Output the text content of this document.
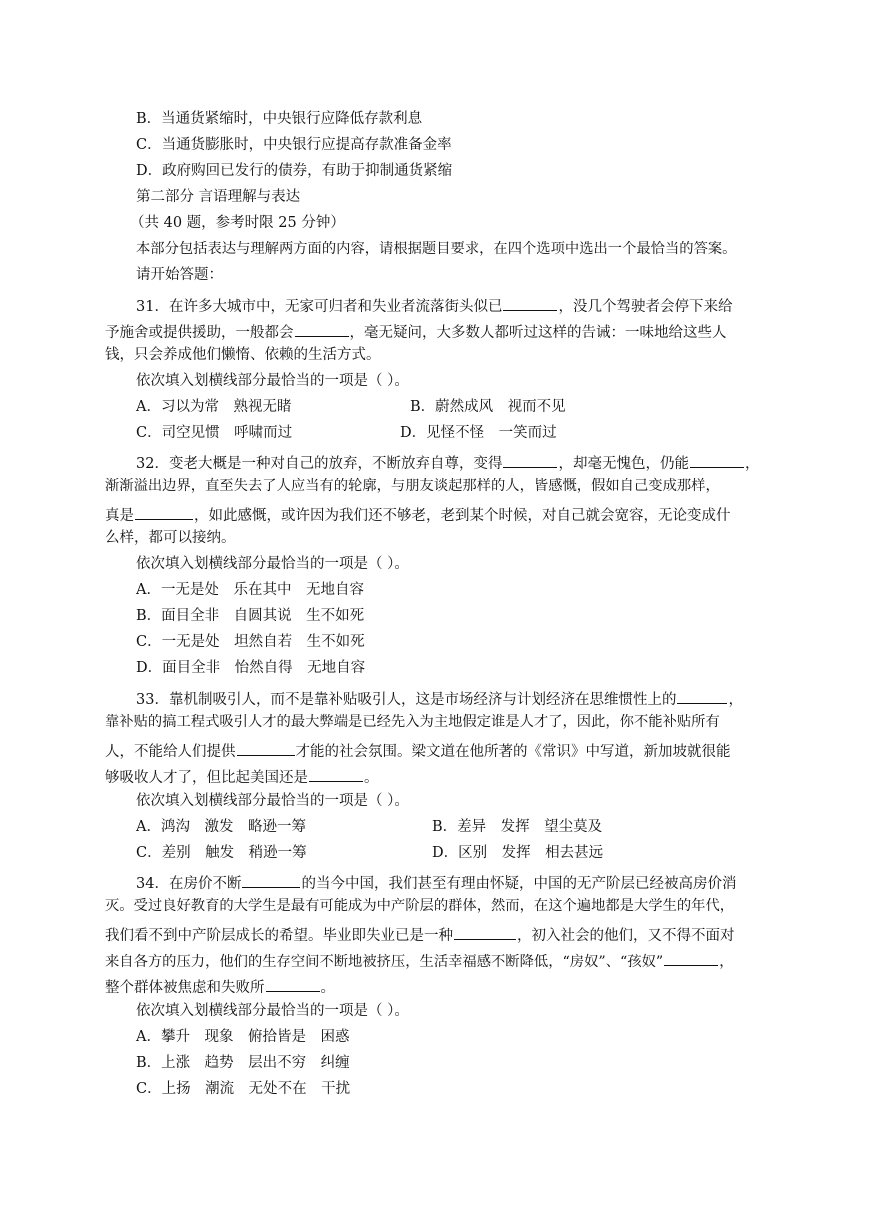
B．当通货紧缩时，中央银行应降低存款利息
C．当通货膨胀时，中央银行应提高存款准备金率
D．政府购回已发行的债券，有助于抑制通货紧缩
第二部分 言语理解与表达
（共 40 题，参考时限 25 分钟）
本部分包括表达与理解两方面的内容，请根据题目要求，在四个选项中选出一个最恰当的答案。
请开始答题：
31．在许多大城市中，无家可归者和失业者流落街头似已	，没几个驾驶者会停下来给
予施舍或提供援助，一般都会	，毫无疑问，大多数人都听过这样的告诫：一味地给这些人
钱，只会养成他们懒惰、依赖的生活方式。
依次填入划横线部分最恰当的一项是（ ）。
A．习以为常　熟视无睹	B．蔚然成风　视而不见
C．司空见惯　呼啸而过	D．见怪不怪　一笑而过
32．变老大概是一种对自己的放弃，不断放弃自尊，变得	，却毫无愧色，仍能	，
渐渐溢出边界，直至失去了人应当有的轮廓，与朋友谈起那样的人，皆感慨，假如自己变成那样，
真是	，如此感慨，或许因为我们还不够老，老到某个时候，对自己就会宽容，无论变成什
么样，都可以接纳。
依次填入划横线部分最恰当的一项是（ ）。
A．一无是处　乐在其中　无地自容
B．面目全非　自圆其说　生不如死
C．一无是处　坦然自若　生不如死
D．面目全非　怡然自得　无地自容
33．靠机制吸引人，而不是靠补贴吸引人，这是市场经济与计划经济在思维惯性上的	，
靠补贴的搞工程式吸引人才的最大弊端是已经先入为主地假定谁是人才了，因此，你不能补贴所有
人，不能给人们提供	才能的社会氛围。梁文道在他所著的《常识》中写道，新加坡就很能
够吸收人才了，但比起美国还是	。
依次填入划横线部分最恰当的一项是（ ）。
A．鸿沟　激发　略逊一筹	B．差异　发挥　望尘莫及
C．差别　触发　稍逊一筹	D．区别　发挥　相去甚远
34．在房价不断	的当今中国，我们甚至有理由怀疑，中国的无产阶层已经被高房价消
灭。受过良好教育的大学生是最有可能成为中产阶层的群体，然而，在这个遍地都是大学生的年代，
我们看不到中产阶层成长的希望。毕业即失业已是一种	，初入社会的他们，又不得不面对
来自各方的压力，他们的生存空间不断地被挤压，生活幸福感不断降低，“房奴”、“孩奴”	，
整个群体被焦虑和失败所	。
依次填入划横线部分最恰当的一项是（ ）。
A．攀升　现象　俯拾皆是　困惑
B．上涨　趋势　层出不穷　纠缠
C．上扬　潮流　无处不在　干扰
